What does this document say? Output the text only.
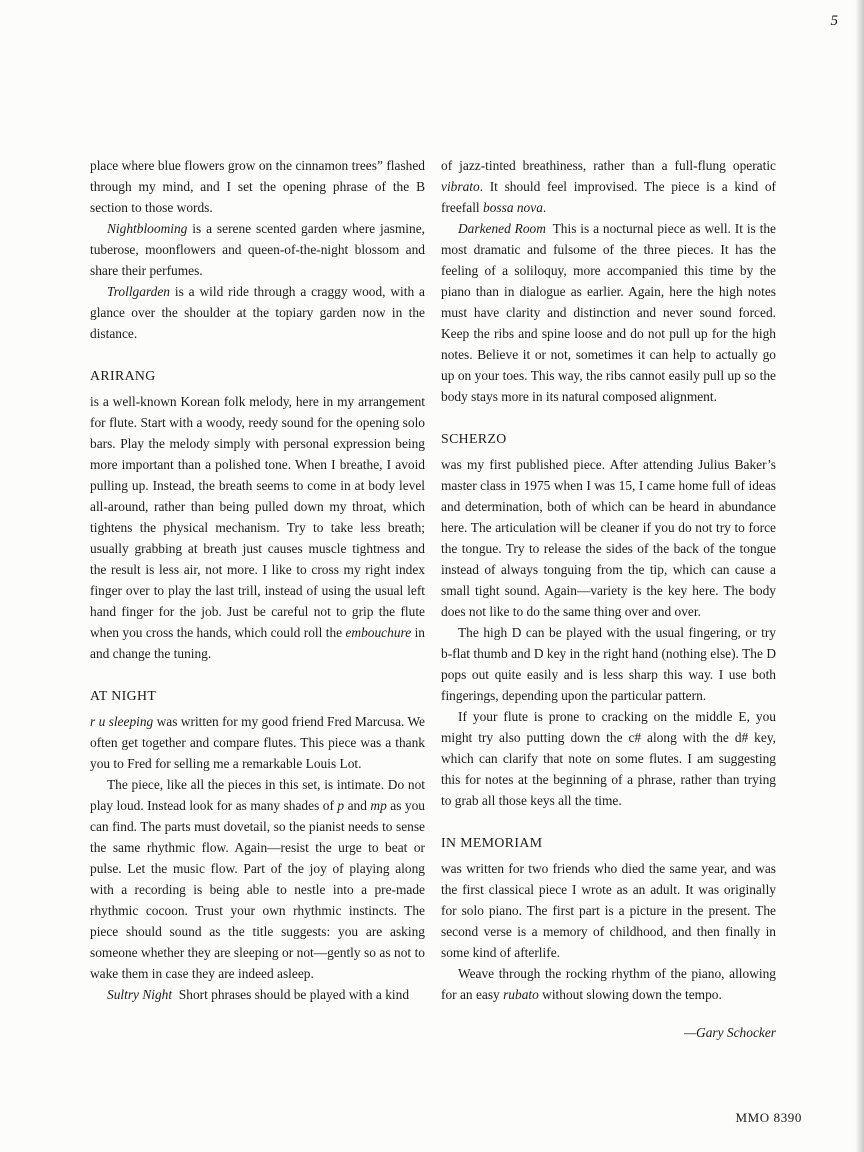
5

place where blue flowers grow on the cinnamon trees” flashed through my mind, and I set the opening phrase of the B section to those words.

Nightblooming is a serene scented garden where jasmine, tuberose, moonflowers and queen-of-the-night blossom and share their perfumes.

Trollgarden is a wild ride through a craggy wood, with a glance over the shoulder at the topiary garden now in the distance.

ARIRANG

is a well-known Korean folk melody, here in my arrangement for flute. Start with a woody, reedy sound for the opening solo bars. Play the melody simply with personal expression being more important than a polished tone. When I breathe, I avoid pulling up. Instead, the breath seems to come in at body level all-around, rather than being pulled down my throat, which tightens the physical mechanism. Try to take less breath; usually grabbing at breath just causes muscle tightness and the result is less air, not more. I like to cross my right index finger over to play the last trill, instead of using the usual left hand finger for the job. Just be careful not to grip the flute when you cross the hands, which could roll the embouchure in and change the tuning.

AT NIGHT

r u sleeping was written for my good friend Fred Marcusa. We often get together and compare flutes. This piece was a thank you to Fred for selling me a remarkable Louis Lot.

The piece, like all the pieces in this set, is intimate. Do not play loud. Instead look for as many shades of p and mp as you can find. The parts must dovetail, so the pianist needs to sense the same rhythmic flow. Again—resist the urge to beat or pulse. Let the music flow. Part of the joy of playing along with a recording is being able to nestle into a pre-made rhythmic cocoon. Trust your own rhythmic instincts. The piece should sound as the title suggests: you are asking someone whether they are sleeping or not—gently so as not to wake them in case they are indeed asleep.

Sultry Night Short phrases should be played with a kind

of jazz-tinted breathiness, rather than a full-flung operatic vibrato. It should feel improvised. The piece is a kind of freefall bossa nova.

Darkened Room This is a nocturnal piece as well. It is the most dramatic and fulsome of the three pieces. It has the feeling of a soliloquy, more accompanied this time by the piano than in dialogue as earlier. Again, here the high notes must have clarity and distinction and never sound forced. Keep the ribs and spine loose and do not pull up for the high notes. Believe it or not, sometimes it can help to actually go up on your toes. This way, the ribs cannot easily pull up so the body stays more in its natural composed alignment.

SCHERZO

was my first published piece. After attending Julius Baker’s master class in 1975 when I was 15, I came home full of ideas and determination, both of which can be heard in abundance here. The articulation will be cleaner if you do not try to force the tongue. Try to release the sides of the back of the tongue instead of always tonguing from the tip, which can cause a small tight sound. Again—variety is the key here. The body does not like to do the same thing over and over.

The high D can be played with the usual fingering, or try b-flat thumb and D key in the right hand (nothing else). The D pops out quite easily and is less sharp this way. I use both fingerings, depending upon the particular pattern.

If your flute is prone to cracking on the middle E, you might try also putting down the c# along with the d# key, which can clarify that note on some flutes. I am suggesting this for notes at the beginning of a phrase, rather than trying to grab all those keys all the time.

IN MEMORIAM

was written for two friends who died the same year, and was the first classical piece I wrote as an adult. It was originally for solo piano. The first part is a picture in the present. The second verse is a memory of childhood, and then finally in some kind of afterlife.

Weave through the rocking rhythm of the piano, allowing for an easy rubato without slowing down the tempo.

—Gary Schocker

MMO 8390
